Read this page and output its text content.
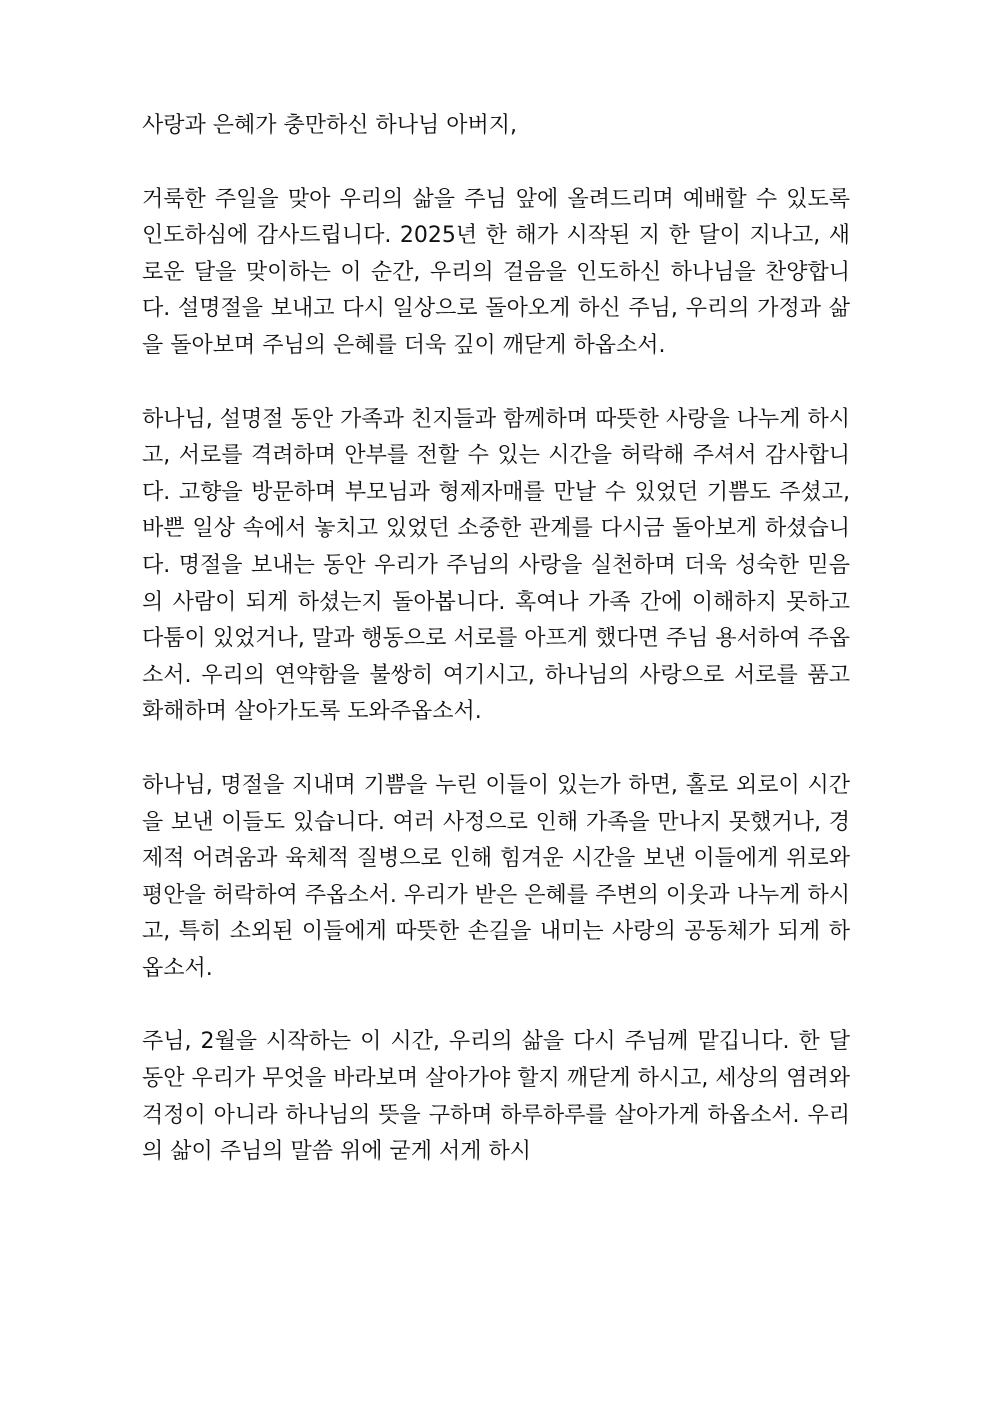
사랑과 은혜가 충만하신 하나님 아버지,

거룩한 주일을 맞아 우리의 삶을 주님 앞에 올려드리며 예배할 수 있도록 인도하심에 감사드립니다. 2025년 한 해가 시작된 지 한 달이 지나고, 새로운 달을 맞이하는 이 순간, 우리의 걸음을 인도하신 하나님을 찬양합니다. 설명절을 보내고 다시 일상으로 돌아오게 하신 주님, 우리의 가정과 삶을 돌아보며 주님의 은혜를 더욱 깊이 깨닫게 하옵소서.

하나님, 설명절 동안 가족과 친지들과 함께하며 따뜻한 사랑을 나누게 하시고, 서로를 격려하며 안부를 전할 수 있는 시간을 허락해 주셔서 감사합니다. 고향을 방문하며 부모님과 형제자매를 만날 수 있었던 기쁨도 주셨고, 바쁜 일상 속에서 놓치고 있었던 소중한 관계를 다시금 돌아보게 하셨습니다. 명절을 보내는 동안 우리가 주님의 사랑을 실천하며 더욱 성숙한 믿음의 사람이 되게 하셨는지 돌아봅니다. 혹여나 가족 간에 이해하지 못하고 다툼이 있었거나, 말과 행동으로 서로를 아프게 했다면 주님 용서하여 주옵소서. 우리의 연약함을 불쌍히 여기시고, 하나님의 사랑으로 서로를 품고 화해하며 살아가도록 도와주옵소서.

하나님, 명절을 지내며 기쁨을 누린 이들이 있는가 하면, 홀로 외로이 시간을 보낸 이들도 있습니다. 여러 사정으로 인해 가족을 만나지 못했거나, 경제적 어려움과 육체적 질병으로 인해 힘겨운 시간을 보낸 이들에게 위로와 평안을 허락하여 주옵소서. 우리가 받은 은혜를 주변의 이웃과 나누게 하시고, 특히 소외된 이들에게 따뜻한 손길을 내미는 사랑의 공동체가 되게 하옵소서.

주님, 2월을 시작하는 이 시간, 우리의 삶을 다시 주님께 맡깁니다. 한 달 동안 우리가 무엇을 바라보며 살아가야 할지 깨닫게 하시고, 세상의 염려와 걱정이 아니라 하나님의 뜻을 구하며 하루하루를 살아가게 하옵소서. 우리의 삶이 주님의 말씀 위에 굳게 서게 하시
